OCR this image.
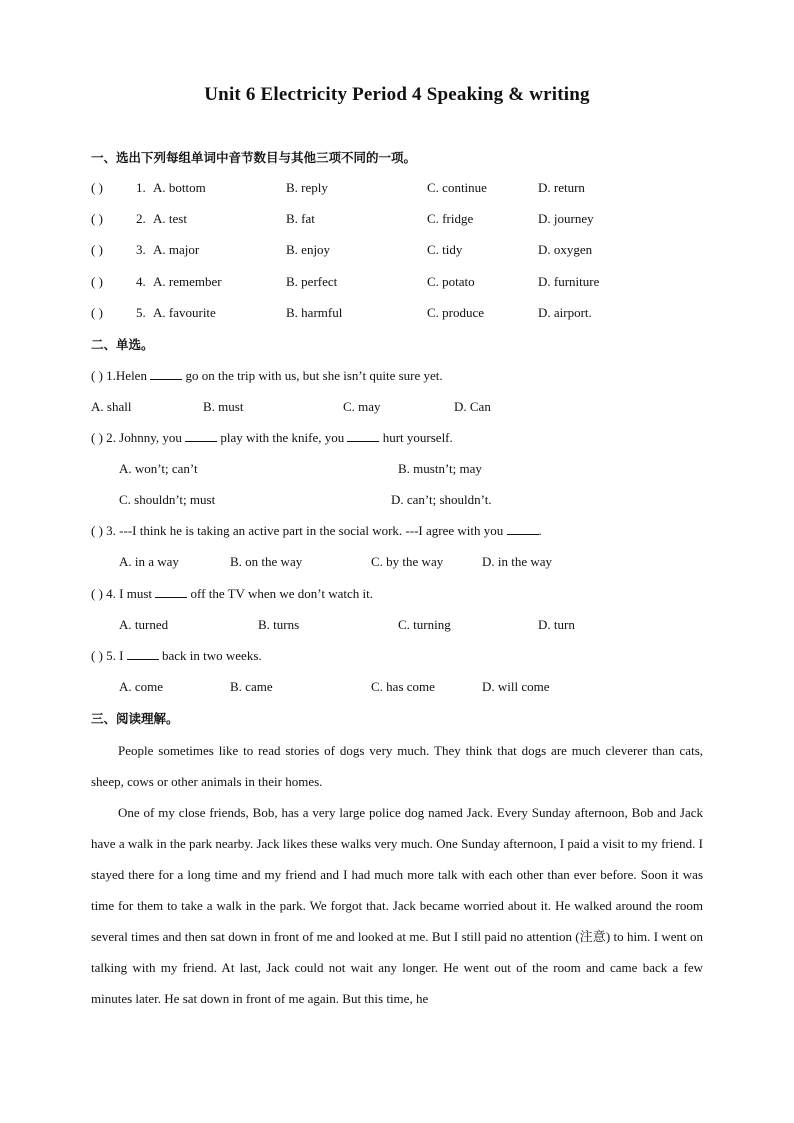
Unit 6 Electricity Period 4 Speaking & writing
一、选出下列每组单词中音节数目与其他三项不同的一项。
( )	1. A. bottom	B. reply	C. continue	D. return
( )	2. A. test	B. fat	C. fridge	D. journey
( )	3. A. major	B. enjoy	C. tidy	D. oxygen
( )	4. A. remember	B. perfect	C. potato	D. furniture
( )	5. A. favourite	B. harmful	C. produce	D. airport.
二、单选。
( ) 1.Helen	go on the trip with us, but she isn’t quite sure yet.
A. shall	B. must	C. may	D. Can
( ) 2. Johnny, you	play with the knife, you	hurt yourself.
A. won’t; can’t	B. mustn’t; may
C. shouldn’t; must	D. can’t; shouldn’t.
( ) 3. ---I think he is taking an active part in the social work. ---I agree with you	.
A. in a way	B. on the way	C. by the way	D. in the way
( ) 4. I must	off the TV when we don’t watch it.
A. turned	B. turns	C. turning	D. turn
( ) 5. I	back in two weeks.
A. come	B. came	C. has come	D. will come
三、阅读理解。

People sometimes like to read stories of dogs very much. They think that dogs are much cleverer than cats, sheep, cows or other animals in their homes.

One of my close friends, Bob, has a very large police dog named Jack. Every Sunday afternoon, Bob and Jack have a walk in the park nearby. Jack likes these walks very much. One Sunday afternoon, I paid a visit to my friend. I stayed there for a long time and my friend and I had much more talk with each other than ever before. Soon it was time for them to take a walk in the park. We forgot that. Jack became worried about it. He walked around the room several times and then sat down in front of me and looked at me. But I still paid no attention (注意) to him. I went on talking with my friend. At last, Jack could not wait any longer. He went out of the room and came back a few minutes later. He sat down in front of me again. But this time, he
